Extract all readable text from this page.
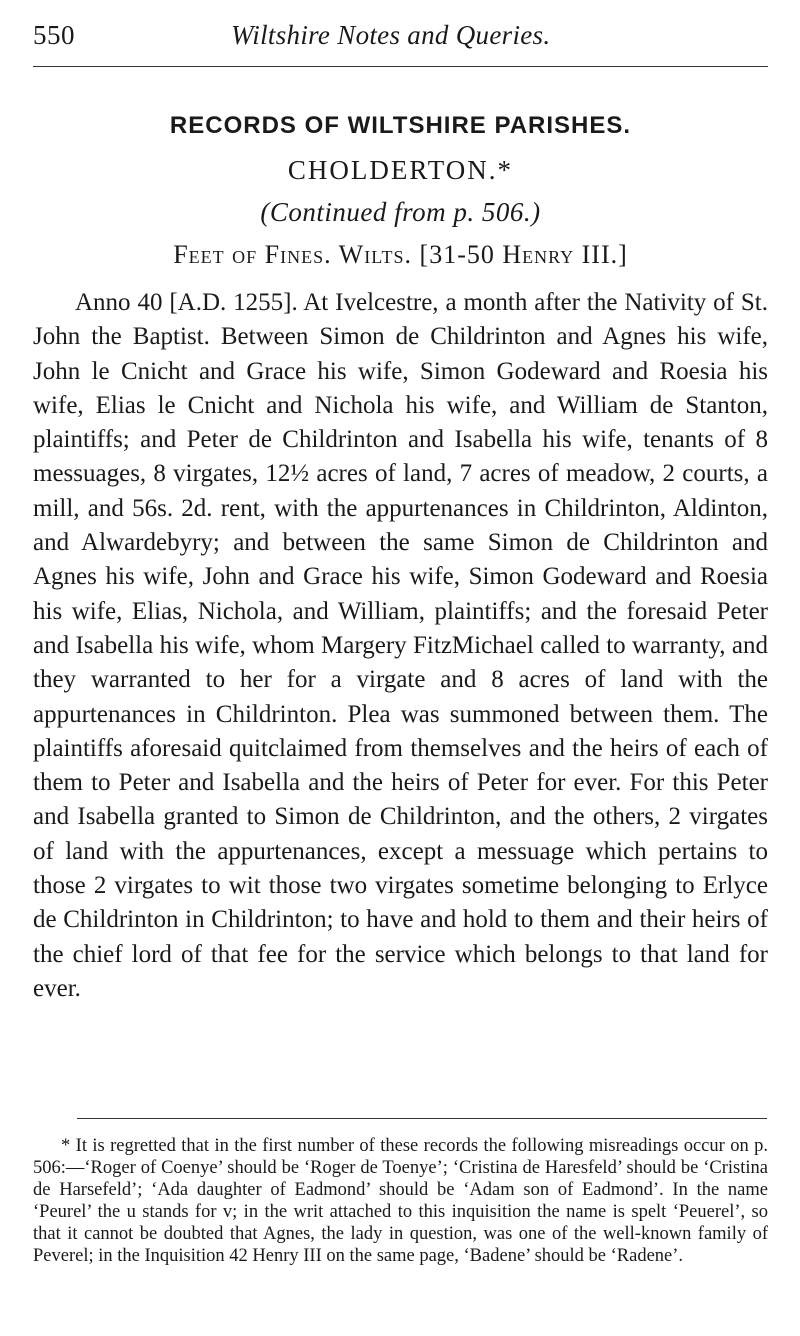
550	Wiltshire Notes and Queries.
RECORDS OF WILTSHIRE PARISHES.
CHOLDERTON.*
(Continued from p. 506.)
Feet of Fines. Wilts. [31-50 Henry III.]
Anno 40 [A.D. 1255]. At Ivelcestre, a month after the Nativity of St. John the Baptist. Between Simon de Childrinton and Agnes his wife, John le Cnicht and Grace his wife, Simon Godeward and Roesia his wife, Elias le Cnicht and Nichola his wife, and William de Stanton, plaintiffs; and Peter de Childrinton and Isabella his wife, tenants of 8 messuages, 8 virgates, 12½ acres of land, 7 acres of meadow, 2 courts, a mill, and 56s. 2d. rent, with the appurtenances in Childrinton, Aldinton, and Alwardebyry; and between the same Simon de Childrinton and Agnes his wife, John and Grace his wife, Simon Godeward and Roesia his wife, Elias, Nichola, and William, plaintiffs; and the foresaid Peter and Isabella his wife, whom Margery FitzMichael called to warranty, and they warranted to her for a virgate and 8 acres of land with the appurtenances in Childrinton. Plea was summoned between them. The plaintiffs aforesaid quitclaimed from themselves and the heirs of each of them to Peter and Isabella and the heirs of Peter for ever. For this Peter and Isabella granted to Simon de Childrinton, and the others, 2 virgates of land with the appurtenances, except a messuage which pertains to those 2 virgates to wit those two virgates sometime belonging to Erlyce de Childrinton in Childrinton; to have and hold to them and their heirs of the chief lord of that fee for the service which belongs to that land for ever.
* It is regretted that in the first number of these records the following misreadings occur on p. 506:—‘Roger of Coenye’ should be ‘Roger de Toenye’; ‘Cristina de Haresfeld’ should be ‘Cristina de Harsefeld’; ‘Ada daughter of Eadmond’ should be ‘Adam son of Eadmond’. In the name ‘Peurel’ the u stands for v; in the writ attached to this inquisition the name is spelt ‘Peuerel’, so that it cannot be doubted that Agnes, the lady in question, was one of the well-known family of Peverel; in the Inquisition 42 Henry III on the same page, ‘Badene’ should be ‘Radene’.
